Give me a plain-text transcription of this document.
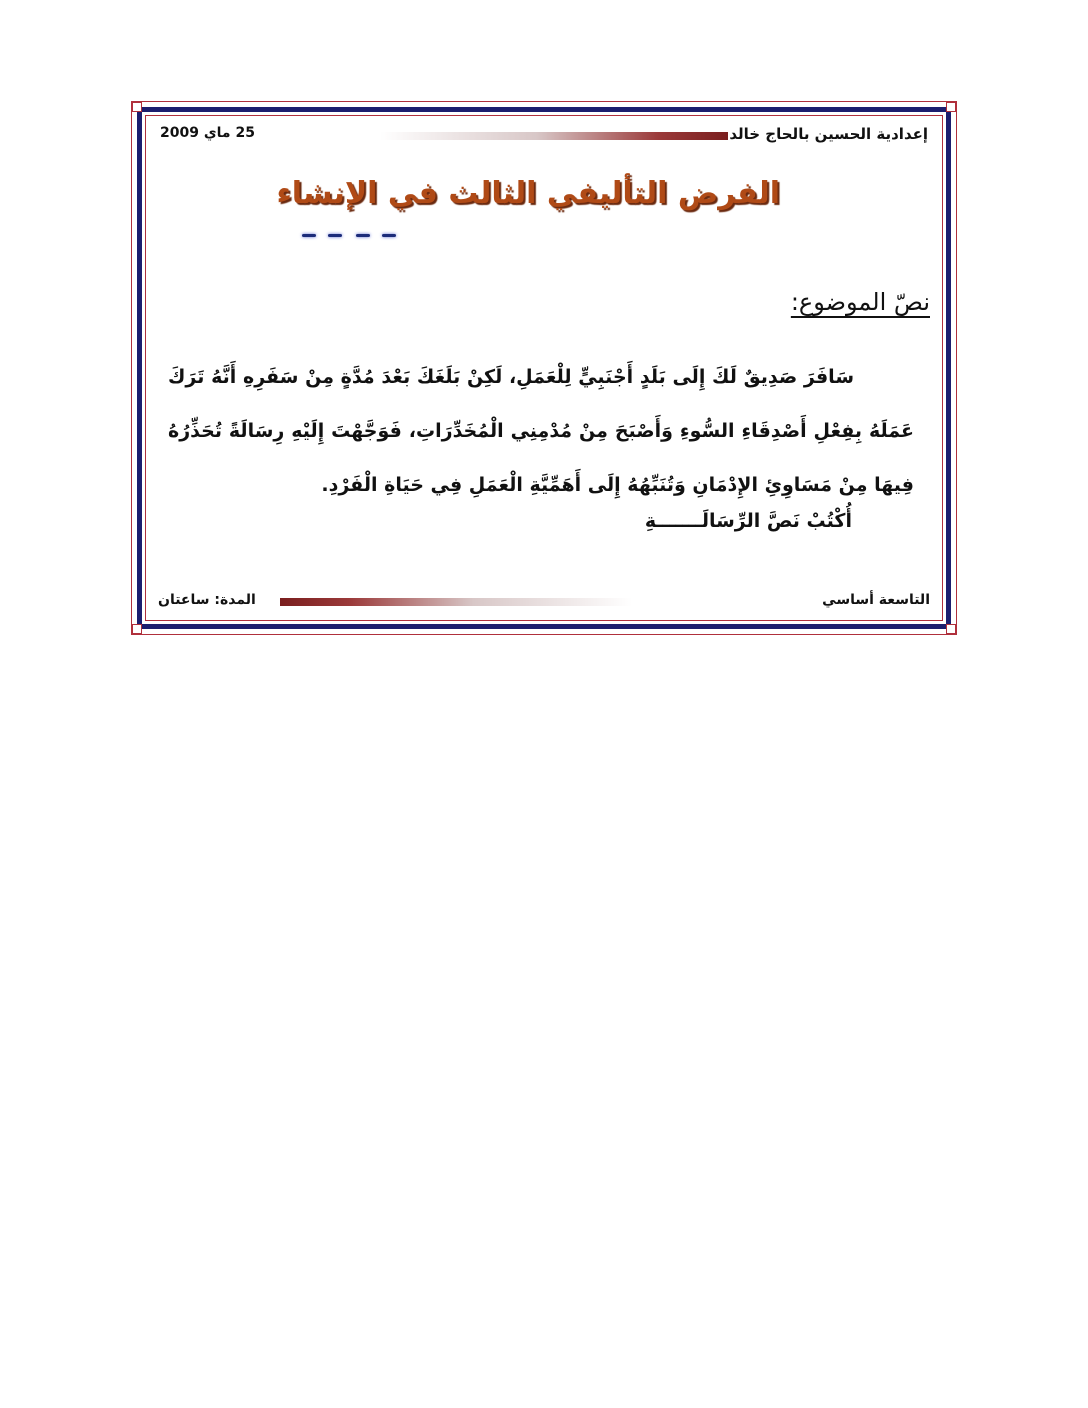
إعدادية الحسين بالحاج خالد
25 ماي 2009
الفرض التأليفي الثالث في الإنشاء
نصّ الموضوع:
سَافَرَ صَدِيقٌ لَكَ إِلَى بَلَدٍ أَجْنَبِيٍّ لِلْعَمَلِ، لَكِنْ بَلَغَكَ بَعْدَ مُدَّةٍ مِنْ سَفَرِهِ أَنَّهُ تَرَكَ عَمَلَهُ بِفِعْلِ أَصْدِقَاءِ السُّوءِ وَأَصْبَحَ مِنْ مُدْمِنِي الْمُخَدِّرَاتِ، فَوَجَّهْتَ إِلَيْهِ رِسَالَةً تُحَذِّرُهُ فِيهَا مِنْ مَسَاوِئِ الإِدْمَانِ وَتُنَبِّهُهُ إِلَى أَهَمِّيَّةِ الْعَمَلِ فِي حَيَاةِ الْفَرْدِ.
أُكْتُبْ نَصَّ الرِّسَالَـــــــةِ
التاسعة أساسي
المدة: ساعتان
